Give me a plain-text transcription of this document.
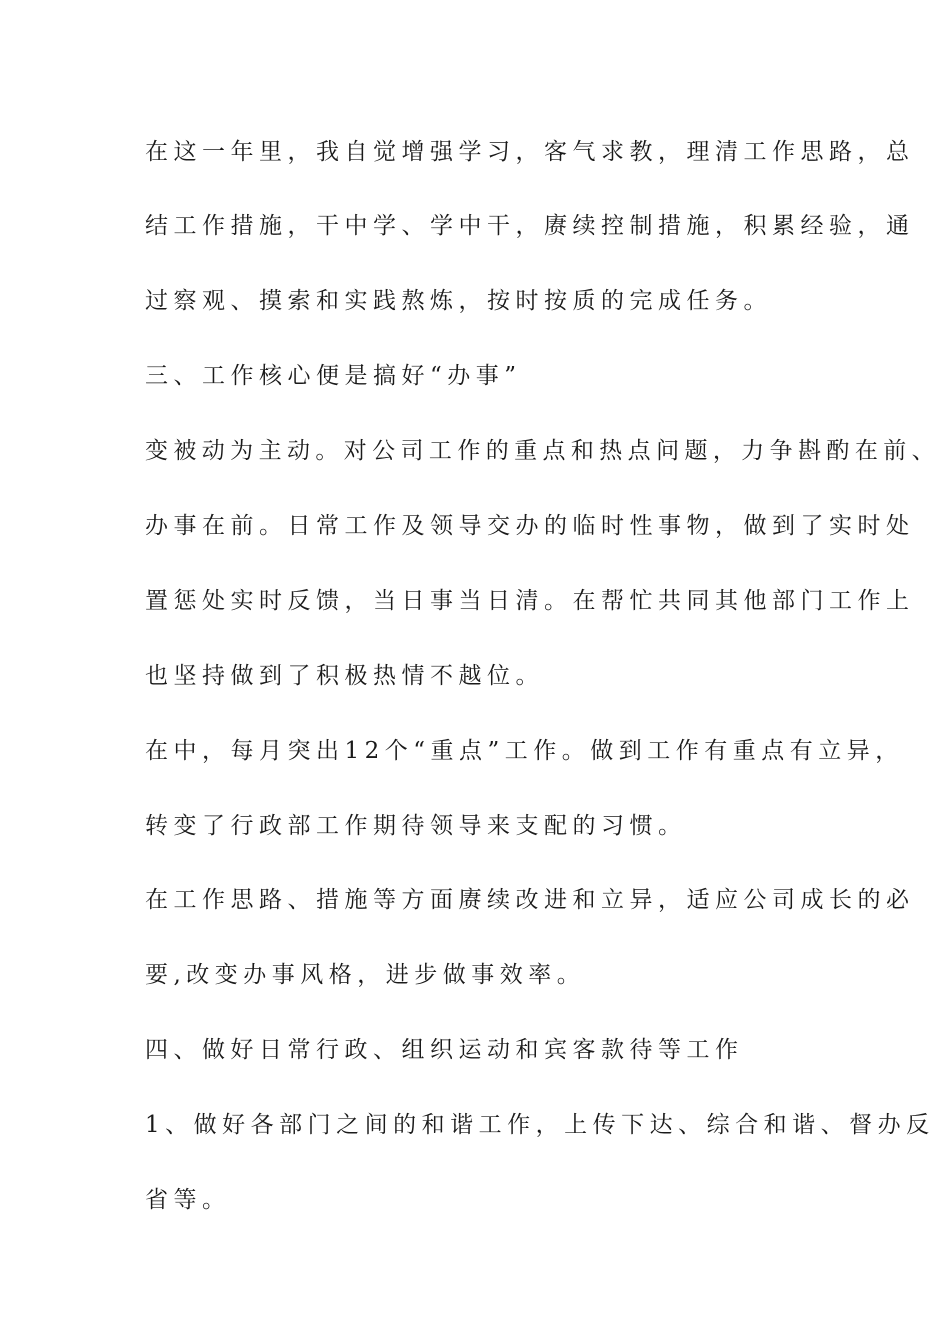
在这一年里，我自觉增强学习，客气求教，理清工作思路，总
结工作措施，干中学、学中干，赓续控制措施，积累经验，通
过察观、摸索和实践熬炼，按时按质的完成任务。
三、工作核心便是搞好“办事”
变被动为主动。对公司工作的重点和热点问题，力争斟酌在前、
办事在前。日常工作及领导交办的临时性事物，做到了实时处
置惩处实时反馈，当日事当日清。在帮忙共同其他部门工作上
也坚持做到了积极热情不越位。
在中，每月突出12个“重点”工作。做到工作有重点有立异，
转变了行政部工作期待领导来支配的习惯。
在工作思路、措施等方面赓续改进和立异，适应公司成长的必
要,改变办事风格，进步做事效率。
四、做好日常行政、组织运动和宾客款待等工作
1、做好各部门之间的和谐工作，上传下达、综合和谐、督办反
省等。
